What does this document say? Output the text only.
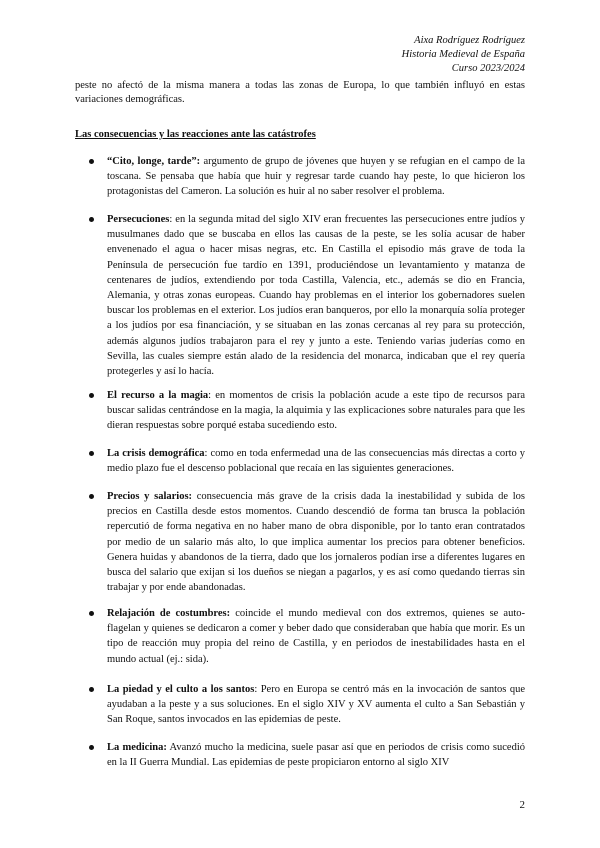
Aixa Rodríguez Rodríguez
Historia Medieval de España
Curso 2023/2024
peste no afectó de la misma manera a todas las zonas de Europa, lo que también influyó en estas variaciones demográficas.
Las consecuencias y las reacciones ante las catástrofes
“Cito, longe, tarde”: argumento de grupo de jóvenes que huyen y se refugian en el campo de la toscana. Se pensaba que había que huir y regresar tarde cuando hay peste, lo que hicieron los protagonistas del Cameron. La solución es huir al no saber resolver el problema.
Persecuciones: en la segunda mitad del siglo XIV eran frecuentes las persecuciones entre judíos y musulmanes dado que se buscaba en ellos las causas de la peste, se les solía acusar de haber envenenado el agua o hacer misas negras, etc. En Castilla el episodio más grave de toda la Península de persecución fue tardío en 1391, produciéndose un levantamiento y matanza de centenares de judíos, extendiendo por toda Castilla, Valencia, etc., además se dio en Francia, Alemania, y otras zonas europeas. Cuando hay problemas en el interior los gobernadores suelen buscar los problemas en el exterior. Los judíos eran banqueros, por ello la monarquía solía proteger a los judíos por esa financiación, y se situaban en las zonas cercanas al rey para su protección, además algunos judíos trabajaron para el rey y junto a este. Teniendo varias juderías como en Sevilla, las cuales siempre están alado de la residencia del monarca, indicaban que el rey quería protegerles y así lo hacía.
El recurso a la magia: en momentos de crisis la población acude a este tipo de recursos para buscar salidas centrándose en la magia, la alquimia y las explicaciones sobre naturales para que les dieran respuestas sobre porqué estaba sucediendo esto.
La crisis demográfica: como en toda enfermedad una de las consecuencias más directas a corto y medio plazo fue el descenso poblacional que recaía en las siguientes generaciones.
Precios y salarios: consecuencia más grave de la crisis dada la inestabilidad y subida de los precios en Castilla desde estos momentos. Cuando descendió de forma tan brusca la población repercutió de forma negativa en no haber mano de obra disponible, por lo tanto eran contratados por medio de un salario más alto, lo que implica aumentar los precios para obtener beneficios. Genera huidas y abandonos de la tierra, dado que los jornaleros podían irse a diferentes lugares en busca del salario que exijan si los dueños se niegan a pagarlos, y es así como quedando tierras sin trabajar y por ende abandonadas.
Relajación de costumbres: coincide el mundo medieval con dos extremos, quienes se auto-flagelan y quienes se dedicaron a comer y beber dado que consideraban que había que morir. Es un tipo de reacción muy propia del reino de Castilla, y en periodos de inestabilidades hasta en el mundo actual (ej.: sida).
La piedad y el culto a los santos: Pero en Europa se centró más en la invocación de santos que ayudaban a la peste y a sus soluciones. En el siglo XIV y XV aumenta el culto a San Sebastián y San Roque, santos invocados en las epidemias de peste.
La medicina: Avanzó mucho la medicina, suele pasar así que en periodos de crisis como sucedió en la II Guerra Mundial. Las epidemias de peste propiciaron entorno al siglo XIV
2
